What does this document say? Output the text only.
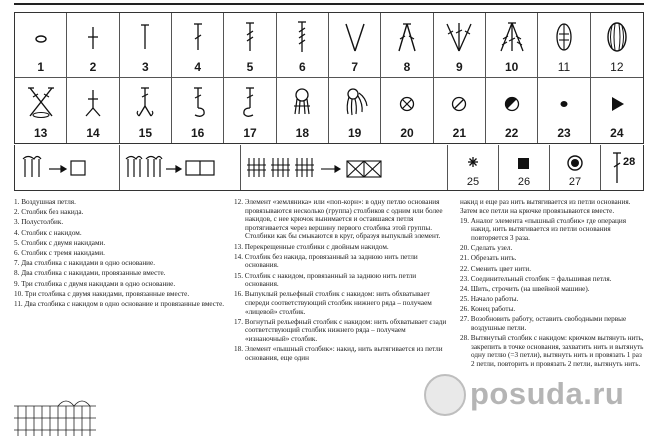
1	2	3	4	5	6	7	8	9	10	11	12
13	14	15	16	17	18	19	20	21	22	23	24
25	26	27
28

1. Воздушная петля.

2. Столбик без накида.

3. Полустолбик.

4. Столбик с накидом.

5. Столбик с двумя накидами.

6. Столбик с тремя накидами.

7. Два столбика с накидами в одно основание.

8. Два столбика с накидами, провязанные вместе.

9. Три столбика с двумя накидами в одно основание.

10. Три столбика с двумя накидами, провязанные вместе.

11. Два столбика с накидом в одно основание и провязанные вместе.

12. Элемент «земляника» или «поп-корн»: в одну петлю основания провязываются несколько (группа) столбиков с одним или более накидов, с нее крючок вынимается и оставшаяся петля протягивается через вершину первого столбика этой группы. Столбики как бы смыкаются в круг, образуя выпуклый элемент.

13. Перекрещенные столбики с двойным накидом.

14. Столбик без накида, провязанный за заднюю нить петли основания.

15. Столбик с накидом, провязанный за заднюю нить петли основания.

16. Выпуклый рельефный столбик с накидом: нить обхватывает спереди соответствующий столбик нижнего ряда – получаем «лицевой» столбик.

17. Вогнутый рельефный столбик с накидом: нить обхватывает сзади соответствующий столбик нижнего ряда – получаем «изнаночный» столбик.

18. Элемент «пышный столбик»: накид, нить вытягивается из петли основания, еще один

накид и еще раз нить вытягивается из петли основания. Затем все петли на крючке провязываются вместе.

19. Аналог элемента «пышный столбик» где операция накид, нить вытягивается из петли основания повторяется 3 раза.

20. Сделать узел.

21. Обрезать нить.

22. Сменить цвет нити.

23. Соединительный столбик = фальшивая петля.

24. Шить, строчить (на швейной машине).

25. Начало работы.

26. Конец работы.

27. Возобновить работу, оставить свободными первые воздушные петли.

28. Вытянутый столбик с накидом: крючком вытянуть нить, закрепить в точке основания, захватить нить и вытянуть одну петлю (=3 петли), вытянуть нить и провязать 1 раз 2 петли, повторить и провязать 2 петли, вытянуть нить.

posuda.ru
